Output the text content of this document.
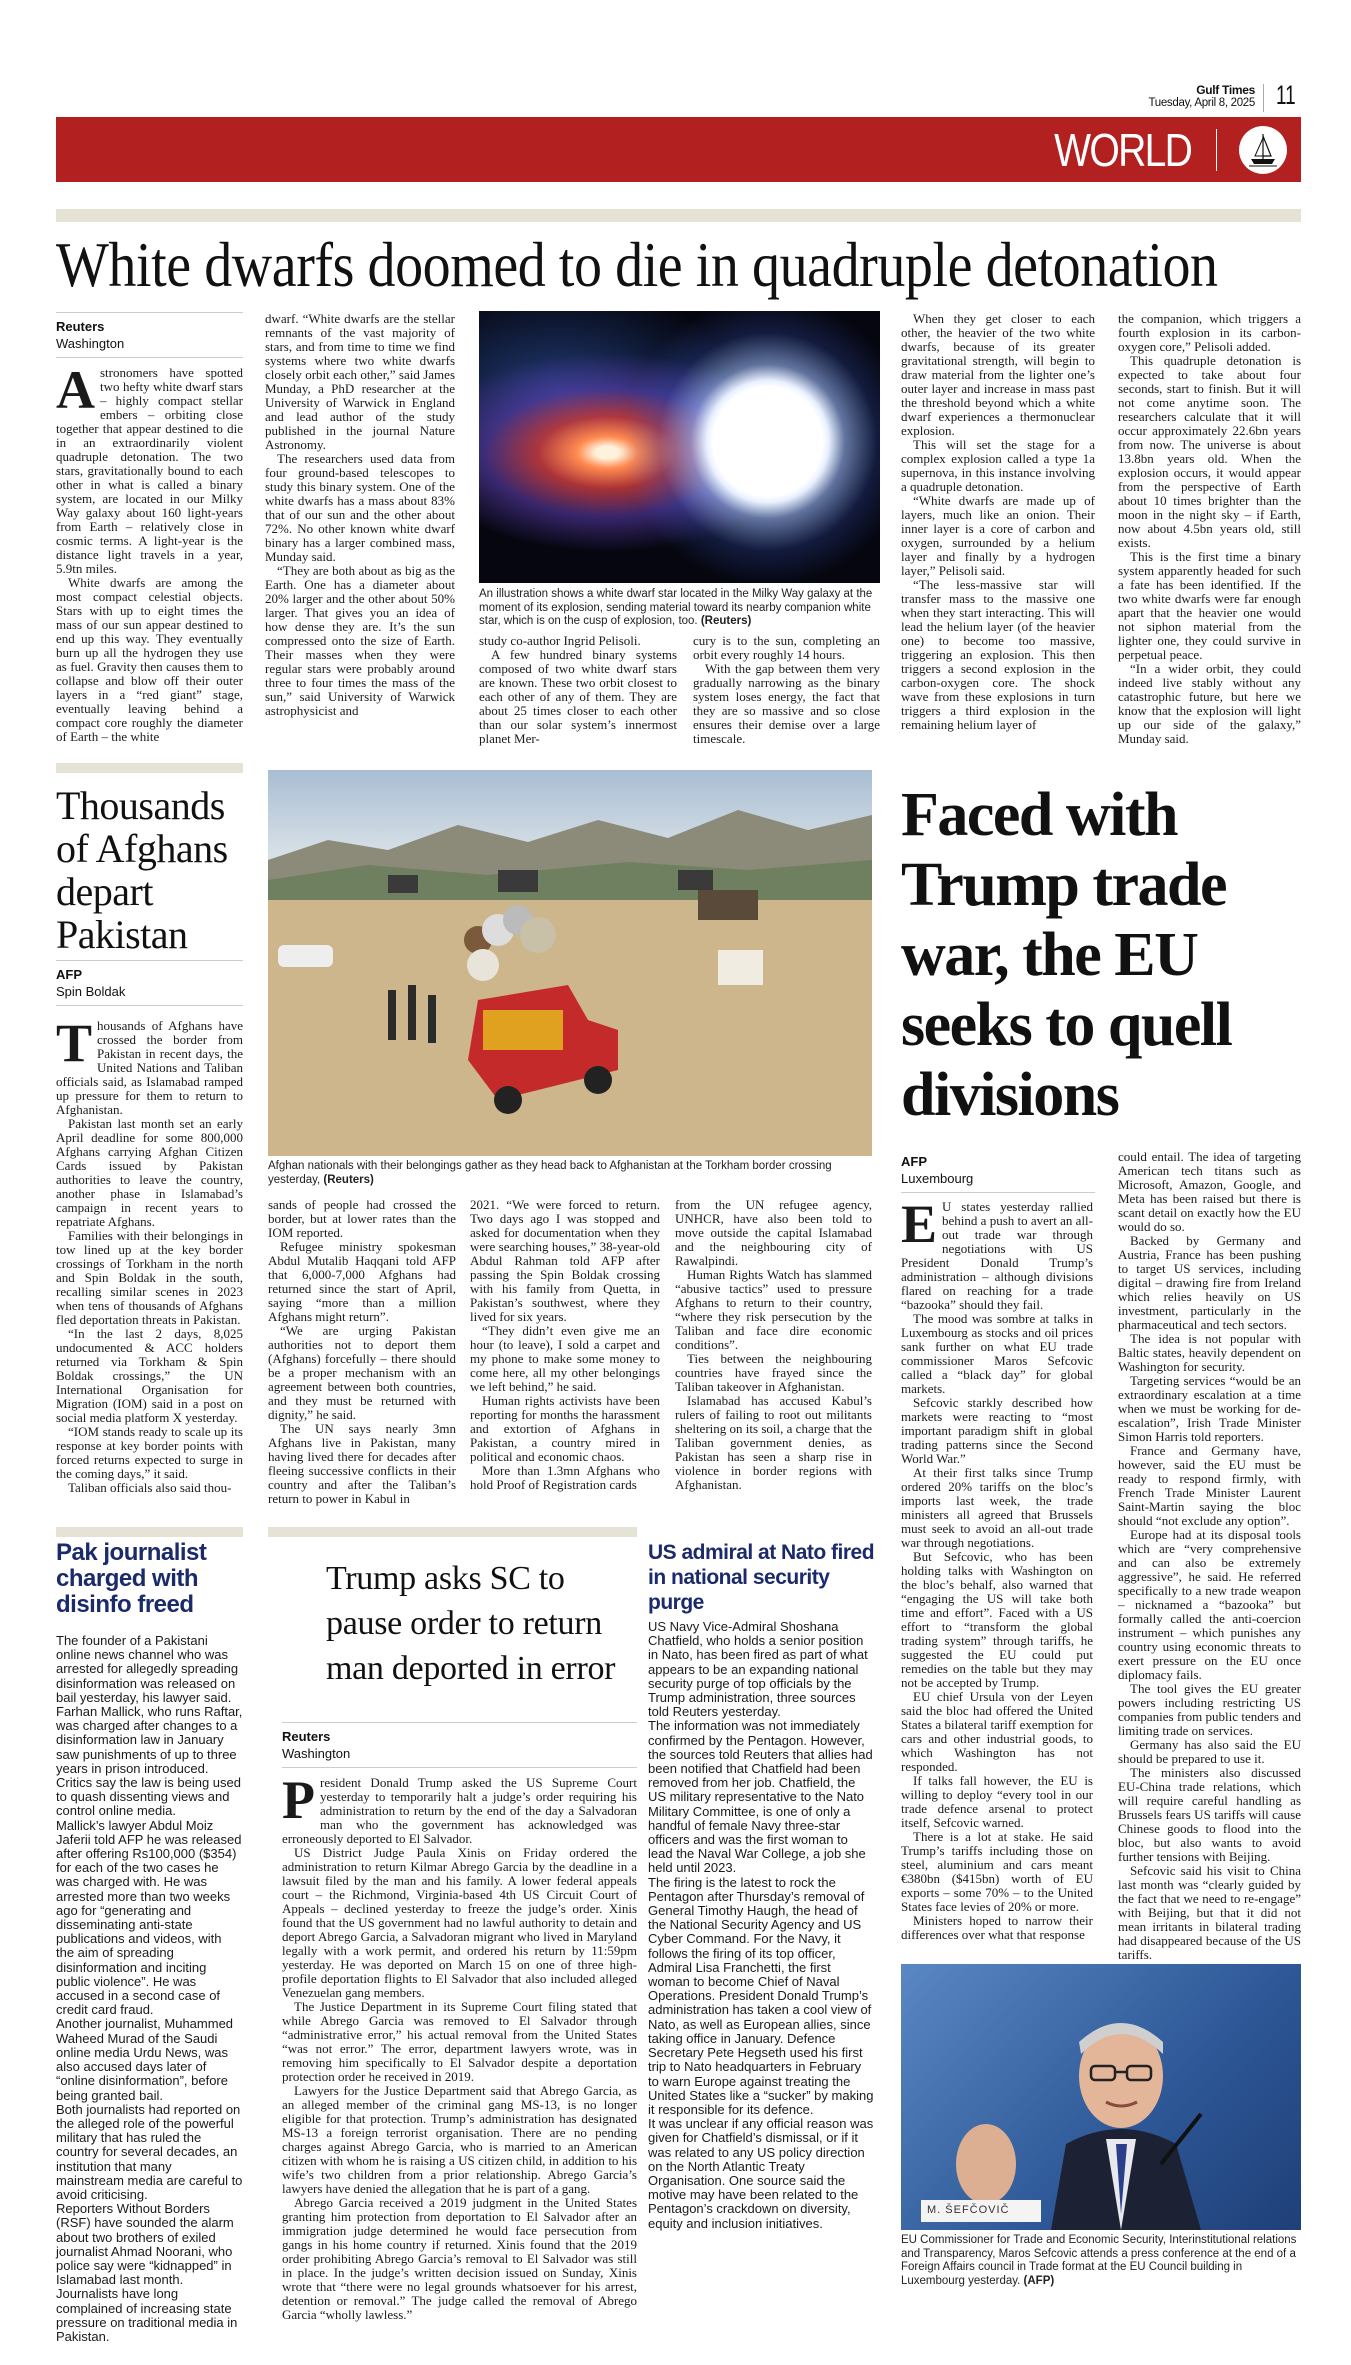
Gulf Times
Tuesday, April 8, 2025 11
WORLD
White dwarfs doomed to die in quadruple detonation
Reuters
Washington

Astronomers have spotted two hefty white dwarf stars – highly compact stellar embers – orbiting close together that appear destined to die in an extraordinarily violent quadruple detonation. The two stars, gravitationally bound to each other in what is called a binary system, are located in our Milky Way galaxy about 160 light-years from Earth – relatively close in cosmic terms. A light-year is the distance light travels in a year, 5.9tn miles.

White dwarfs are among the most compact celestial objects. Stars with up to eight times the mass of our sun appear destined to end up this way. They eventually burn up all the hydrogen they use as fuel. Gravity then causes them to collapse and blow off their outer layers in a “red giant” stage, eventually leaving behind a compact core roughly the diameter of Earth – the white

dwarf. “White dwarfs are the stellar remnants of the vast majority of stars, and from time to time we find systems where two white dwarfs closely orbit each other,” said James Munday, a PhD researcher at the University of Warwick in England and lead author of the study published in the journal Nature Astronomy.

The researchers used data from four ground-based telescopes to study this binary system. One of the white dwarfs has a mass about 83% that of our sun and the other about 72%. No other known white dwarf binary has a larger combined mass, Munday said.

“They are both about as big as the Earth. One has a diameter about 20% larger and the other about 50% larger. That gives you an idea of how dense they are. It’s the sun compressed onto the size of Earth. Their masses when they were regular stars were probably around three to four times the mass of the sun,” said University of Warwick astrophysicist and

An illustration shows a white dwarf star located in the Milky Way galaxy at the moment of its explosion, sending material toward its nearby companion white star, which is on the cusp of explosion, too. (Reuters)

study co-author Ingrid Pelisoli.

A few hundred binary systems composed of two white dwarf stars are known. These two orbit closest to each other of any of them. They are about 25 times closer to each other than our solar system’s innermost planet Mer-

cury is to the sun, completing an orbit every roughly 14 hours.

With the gap between them very gradually narrowing as the binary system loses energy, the fact that they are so massive and so close ensures their demise over a large timescale.

When they get closer to each other, the heavier of the two white dwarfs, because of its greater gravitational strength, will begin to draw material from the lighter one’s outer layer and increase in mass past the threshold beyond which a white dwarf experiences a thermonuclear explosion.

This will set the stage for a complex explosion called a type 1a supernova, in this instance involving a quadruple detonation.

“White dwarfs are made up of layers, much like an onion. Their inner layer is a core of carbon and oxygen, surrounded by a helium layer and finally by a hydrogen layer,” Pelisoli said.

“The less-massive star will transfer mass to the massive one when they start interacting. This will lead the helium layer (of the heavier one) to become too massive, triggering an explosion. This then triggers a second explosion in the carbon-oxygen core. The shock wave from these explosions in turn triggers a third explosion in the remaining helium layer of

the companion, which triggers a fourth explosion in its carbon-oxygen core,” Pelisoli added.

This quadruple detonation is expected to take about four seconds, start to finish. But it will not come anytime soon. The researchers calculate that it will occur approximately 22.6bn years from now. The universe is about 13.8bn years old. When the explosion occurs, it would appear from the perspective of Earth about 10 times brighter than the moon in the night sky – if Earth, now about 4.5bn years old, still exists.

This is the first time a binary system apparently headed for such a fate has been identified. If the two white dwarfs were far enough apart that the heavier one would not siphon material from the lighter one, they could survive in perpetual peace.

“In a wider orbit, they could indeed live stably without any catastrophic future, but here we know that the explosion will light up our side of the galaxy,” Munday said.

Thousands of Afghans depart Pakistan
AFP
Spin Boldak

Thousands of Afghans have crossed the border from Pakistan in recent days, the United Nations and Taliban officials said, as Islamabad ramped up pressure for them to return to Afghanistan.

Pakistan last month set an early April deadline for some 800,000 Afghans carrying Afghan Citizen Cards issued by Pakistan authorities to leave the country, another phase in Islamabad’s campaign in recent years to repatriate Afghans.

Families with their belongings in tow lined up at the key border crossings of Torkham in the north and Spin Boldak in the south, recalling similar scenes in 2023 when tens of thousands of Afghans fled deportation threats in Pakistan.

“In the last 2 days, 8,025 undocumented & ACC holders returned via Torkham & Spin Boldak crossings,” the UN International Organisation for Migration (IOM) said in a post on social media platform X yesterday.

“IOM stands ready to scale up its response at key border points with forced returns expected to surge in the coming days,” it said.

Taliban officials also said thou-

Afghan nationals with their belongings gather as they head back to Afghanistan at the Torkham border crossing yesterday, (Reuters)

sands of people had crossed the border, but at lower rates than the IOM reported.

Refugee ministry spokesman Abdul Mutalib Haqqani told AFP that 6,000-7,000 Afghans had returned since the start of April, saying “more than a million Afghans might return”.

“We are urging Pakistan authorities not to deport them (Afghans) forcefully – there should be a proper mechanism with an agreement between both countries, and they must be returned with dignity,” he said.

The UN says nearly 3mn Afghans live in Pakistan, many having lived there for decades after fleeing successive conflicts in their country and after the Taliban’s return to power in Kabul in

2021. “We were forced to return. Two days ago I was stopped and asked for documentation when they were searching houses,” 38-year-old Abdul Rahman told AFP after passing the Spin Boldak crossing with his family from Quetta, in Pakistan’s southwest, where they lived for six years.

“They didn’t even give me an hour (to leave), I sold a carpet and my phone to make some money to come here, all my other belongings we left behind,” he said.

Human rights activists have been reporting for months the harassment and extortion of Afghans in Pakistan, a country mired in political and economic chaos.

More than 1.3mn Afghans who hold Proof of Registration cards

from the UN refugee agency, UNHCR, have also been told to move outside the capital Islamabad and the neighbouring city of Rawalpindi.

Human Rights Watch has slammed “abusive tactics” used to pressure Afghans to return to their country, “where they risk persecution by the Taliban and face dire economic conditions”.

Ties between the neighbouring countries have frayed since the Taliban takeover in Afghanistan.

Islamabad has accused Kabul’s rulers of failing to root out militants sheltering on its soil, a charge that the Taliban government denies, as Pakistan has seen a sharp rise in violence in border regions with Afghanistan.

Faced with Trump trade war, the EU seeks to quell divisions
AFP
Luxembourg

EU states yesterday rallied behind a push to avert an all-out trade war through negotiations with US President Donald Trump’s administration – although divisions flared on reaching for a trade “bazooka” should they fail.

The mood was sombre at talks in Luxembourg as stocks and oil prices sank further on what EU trade commissioner Maros Sefcovic called a “black day” for global markets.

Sefcovic starkly described how markets were reacting to “most important paradigm shift in global trading patterns since the Second World War.”

At their first talks since Trump ordered 20% tariffs on the bloc’s imports last week, the trade ministers all agreed that Brussels must seek to avoid an all-out trade war through negotiations.

But Sefcovic, who has been holding talks with Washington on the bloc’s behalf, also warned that “engaging the US will take both time and effort”. Faced with a US effort to “transform the global trading system” through tariffs, he suggested the EU could put remedies on the table but they may not be accepted by Trump.

EU chief Ursula von der Leyen said the bloc had offered the United States a bilateral tariff exemption for cars and other industrial goods, to which Washington has not responded.

If talks fall however, the EU is willing to deploy “every tool in our trade defence arsenal to protect itself, Sefcovic warned.

There is a lot at stake. He said Trump’s tariffs including those on steel, aluminium and cars meant €380bn ($415bn) worth of EU exports – some 70% – to the United States face levies of 20% or more.

Ministers hoped to narrow their differences over what that response

could entail. The idea of targeting American tech titans such as Microsoft, Amazon, Google, and Meta has been raised but there is scant detail on exactly how the EU would do so.

Backed by Germany and Austria, France has been pushing to target US services, including digital – drawing fire from Ireland which relies heavily on US investment, particularly in the pharmaceutical and tech sectors.

The idea is not popular with Baltic states, heavily dependent on Washington for security.

Targeting services “would be an extraordinary escalation at a time when we must be working for de-escalation”, Irish Trade Minister Simon Harris told reporters.

France and Germany have, however, said the EU must be ready to respond firmly, with French Trade Minister Laurent Saint-Martin saying the bloc should “not exclude any option”.

Europe had at its disposal tools which are “very comprehensive and can also be extremely aggressive”, he said. He referred specifically to a new trade weapon – nicknamed a “bazooka” but formally called the anti-coercion instrument – which punishes any country using economic threats to exert pressure on the EU once diplomacy fails.

The tool gives the EU greater powers including restricting US companies from public tenders and limiting trade on services.

Germany has also said the EU should be prepared to use it.

The ministers also discussed EU-China trade relations, which will require careful handling as Brussels fears US tariffs will cause Chinese goods to flood into the bloc, but also wants to avoid further tensions with Beijing.

Sefcovic said his visit to China last month was “clearly guided by the fact that we need to re-engage” with Beijing, but that it did not mean irritants in bilateral trading had disappeared because of the US tariffs.

M. ŠEFČOVIČ
EU Commissioner for Trade and Economic Security, Interinstitutional relations and Transparency, Maros Sefcovic attends a press conference at the end of a Foreign Affairs council in Trade format at the EU Council building in Luxembourg yesterday. (AFP)
Pak journalist charged with disinfo freed

The founder of a Pakistani online news channel who was arrested for allegedly spreading disinformation was released on bail yesterday, his lawyer said.

Farhan Mallick, who runs Raftar, was charged after changes to a disinformation law in January saw punishments of up to three years in prison introduced.

Critics say the law is being used to quash dissenting views and control online media.

Mallick’s lawyer Abdul Moiz Jaferii told AFP he was released after offering Rs100,000 ($354) for each of the two cases he was charged with. He was arrested more than two weeks ago for “generating and disseminating anti-state publications and videos, with the aim of spreading disinformation and inciting public violence”. He was accused in a second case of credit card fraud.

Another journalist, Muhammed Waheed Murad of the Saudi online media Urdu News, was also accused days later of “online disinformation”, before being granted bail.

Both journalists had reported on the alleged role of the powerful military that has ruled the country for several decades, an institution that many mainstream media are careful to avoid criticising.

Reporters Without Borders (RSF) have sounded the alarm about two brothers of exiled journalist Ahmad Noorani, who police say were “kidnapped” in Islamabad last month.

Journalists have long complained of increasing state pressure on traditional media in Pakistan.

Trump asks SC to pause order to return man deported in error
Reuters
Washington

President Donald Trump asked the US Supreme Court yesterday to temporarily halt a judge’s order requiring his administration to return by the end of the day a Salvadoran man who the government has acknowledged was erroneously deported to El Salvador.

US District Judge Paula Xinis on Friday ordered the administration to return Kilmar Abrego Garcia by the deadline in a lawsuit filed by the man and his family. A lower federal appeals court – the Richmond, Virginia-based 4th US Circuit Court of Appeals – declined yesterday to freeze the judge’s order. Xinis found that the US government had no lawful authority to detain and deport Abrego Garcia, a Salvadoran migrant who lived in Maryland legally with a work permit, and ordered his return by 11:59pm yesterday. He was deported on March 15 on one of three high-profile deportation flights to El Salvador that also included alleged Venezuelan gang members.

The Justice Department in its Supreme Court filing stated that while Abrego Garcia was removed to El Salvador through “administrative error,” his actual removal from the United States “was not error.” The error, department lawyers wrote, was in removing him specifically to El Salvador despite a deportation protection order he received in 2019.

Lawyers for the Justice Department said that Abrego Garcia, as an alleged member of the criminal gang MS-13, is no longer eligible for that protection. Trump’s administration has designated MS-13 a foreign terrorist organisation. There are no pending charges against Abrego Garcia, who is married to an American citizen with whom he is raising a US citizen child, in addition to his wife’s two children from a prior relationship. Abrego Garcia’s lawyers have denied the allegation that he is part of a gang.

Abrego Garcia received a 2019 judgment in the United States granting him protection from deportation to El Salvador after an immigration judge determined he would face persecution from gangs in his home country if returned. Xinis found that the 2019 order prohibiting Abrego Garcia’s removal to El Salvador was still in place. In the judge’s written decision issued on Sunday, Xinis wrote that “there were no legal grounds whatsoever for his arrest, detention or removal.” The judge called the removal of Abrego Garcia “wholly lawless.”

US admiral at Nato fired in national security purge

US Navy Vice-Admiral Shoshana Chatfield, who holds a senior position in Nato, has been fired as part of what appears to be an expanding national security purge of top officials by the Trump administration, three sources told Reuters yesterday.

The information was not immediately confirmed by the Pentagon. However, the sources told Reuters that allies had been notified that Chatfield had been removed from her job. Chatfield, the US military representative to the Nato Military Committee, is one of only a handful of female Navy three-star officers and was the first woman to lead the Naval War College, a job she held until 2023.

The firing is the latest to rock the Pentagon after Thursday’s removal of General Timothy Haugh, the head of the National Security Agency and US Cyber Command. For the Navy, it follows the firing of its top officer, Admiral Lisa Franchetti, the first woman to become Chief of Naval Operations. President Donald Trump’s administration has taken a cool view of Nato, as well as European allies, since taking office in January. Defence Secretary Pete Hegseth used his first trip to Nato headquarters in February to warn Europe against treating the United States like a “sucker” by making it responsible for its defence.

It was unclear if any official reason was given for Chatfield’s dismissal, or if it was related to any US policy direction on the North Atlantic Treaty Organisation. One source said the motive may have been related to the Pentagon’s crackdown on diversity, equity and inclusion initiatives.
